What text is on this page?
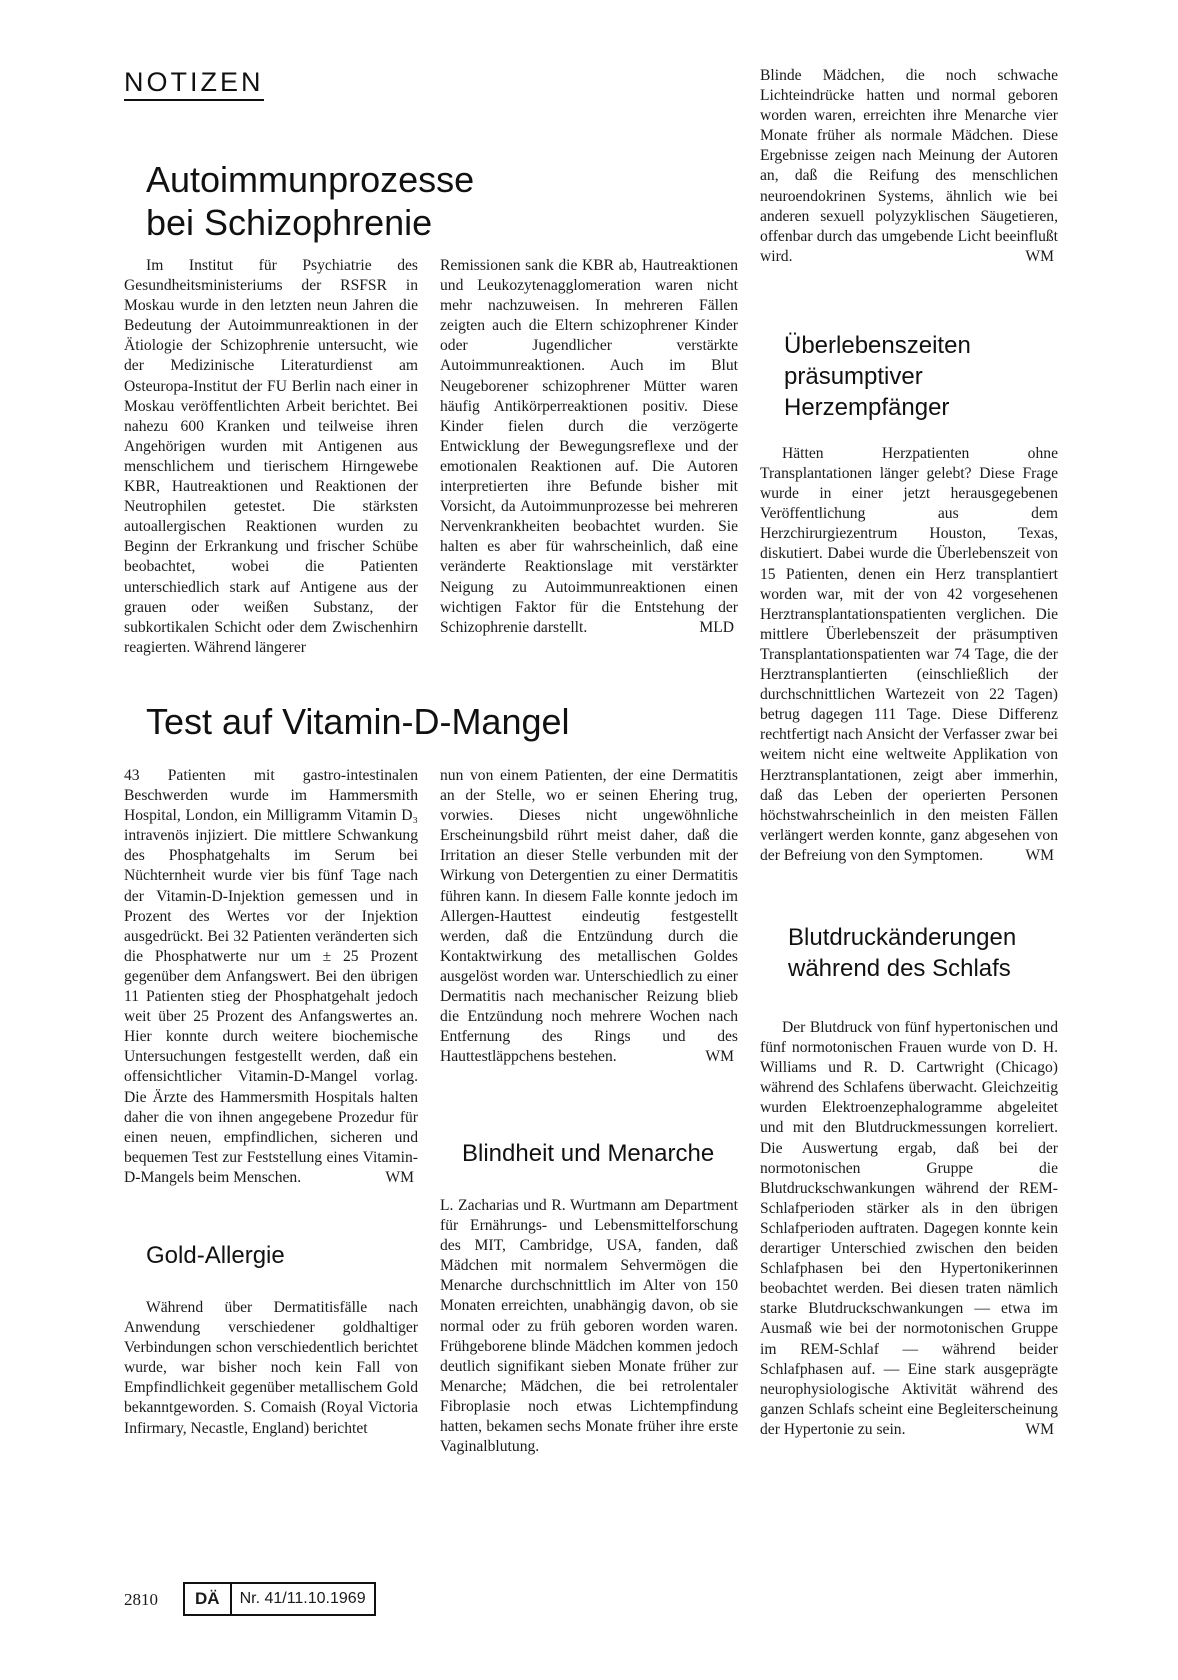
NOTIZEN
Autoimmunprozesse
bei Schizophrenie

Im Institut für Psychiatrie des Gesundheitsministeriums der RSFSR in Moskau wurde in den letzten neun Jahren die Bedeutung der Autoimmunreaktionen in der Ätiologie der Schizophrenie untersucht, wie der Medizinische Literaturdienst am Osteuropa-Institut der FU Berlin nach einer in Moskau veröffentlichten Arbeit berichtet. Bei nahezu 600 Kranken und teilweise ihren Angehörigen wurden mit Antigenen aus menschlichem und tierischem Hirngewebe KBR, Hautreaktionen und Reaktionen der Neutrophilen getestet. Die stärksten autoallergischen Reaktionen wurden zu Beginn der Erkrankung und frischer Schübe beobachtet, wobei die Patienten unterschiedlich stark auf Antigene aus der grauen oder weißen Substanz, der subkortikalen Schicht oder dem Zwischenhirn reagierten. Während längerer

Remissionen sank die KBR ab, Hautreaktionen und Leukozytenagglomeration waren nicht mehr nachzuweisen. In mehreren Fällen zeigten auch die Eltern schizophrener Kinder oder Jugendlicher verstärkte Autoimmunreaktionen. Auch im Blut Neugeborener schizophrener Mütter waren häufig Antikörperreaktionen positiv. Diese Kinder fielen durch die verzögerte Entwicklung der Bewegungsreflexe und der emotionalen Reaktionen auf. Die Autoren interpretierten ihre Befunde bisher mit Vorsicht, da Autoimmunprozesse bei mehreren Nervenkrankheiten beobachtet wurden. Sie halten es aber für wahrscheinlich, daß eine veränderte Reaktionslage mit verstärkter Neigung zu Autoimmunreaktionen einen wichtigen Faktor für die Entstehung der Schizophrenie darstellt.	MLD

Test auf Vitamin-D-Mangel

43 Patienten mit gastro-intestinalen Beschwerden wurde im Hammersmith Hospital, London, ein Milligramm Vitamin D₃ intravenös injiziert. Die mittlere Schwankung des Phosphatgehalts im Serum bei Nüchternheit wurde vier bis fünf Tage nach der Vitamin-D-Injektion gemessen und in Prozent des Wertes vor der Injektion ausgedrückt. Bei 32 Patienten veränderten sich die Phosphatwerte nur um ± 25 Prozent gegenüber dem Anfangswert. Bei den übrigen 11 Patienten stieg der Phosphatgehalt jedoch weit über 25 Prozent des Anfangswertes an. Hier konnte durch weitere biochemische Untersuchungen festgestellt werden, daß ein offensichtlicher Vitamin-D-Mangel vorlag. Die Ärzte des Hammersmith Hospitals halten daher die von ihnen angegebene Prozedur für einen neuen, empfindlichen, sicheren und bequemen Test zur Feststellung eines Vitamin-D-Mangels beim Menschen.	WM

Gold-Allergie

Während über Dermatitisfälle nach Anwendung verschiedener goldhaltiger Verbindungen schon verschiedentlich berichtet wurde, war bisher noch kein Fall von Empfindlichkeit gegenüber metallischem Gold bekanntgeworden. S. Comaish (Royal Victoria Infirmary, Necastle, England) berichtet

nun von einem Patienten, der eine Dermatitis an der Stelle, wo er seinen Ehering trug, vorwies. Dieses nicht ungewöhnliche Erscheinungsbild rührt meist daher, daß die Irritation an dieser Stelle verbunden mit der Wirkung von Detergentien zu einer Dermatitis führen kann. In diesem Falle konnte jedoch im Allergen-Hauttest eindeutig festgestellt werden, daß die Entzündung durch die Kontaktwirkung des metallischen Goldes ausgelöst worden war. Unterschiedlich zu einer Dermatitis nach mechanischer Reizung blieb die Entzündung noch mehrere Wochen nach Entfernung des Rings und des Hauttestläppchens bestehen.	WM

Blindheit und Menarche

L. Zacharias und R. Wurtmann am Department für Ernährungs- und Lebensmittelforschung des MIT, Cambridge, USA, fanden, daß Mädchen mit normalem Sehvermögen die Menarche durchschnittlich im Alter von 150 Monaten erreichten, unabhängig davon, ob sie normal oder zu früh geboren worden waren. Frühgeborene blinde Mädchen kommen jedoch deutlich signifikant sieben Monate früher zur Menarche; Mädchen, die bei retrolentaler Fibroplasie noch etwas Lichtempfindung hatten, bekamen sechs Monate früher ihre erste Vaginalblutung.

Blinde Mädchen, die noch schwache Lichteindrücke hatten und normal geboren worden waren, erreichten ihre Menarche vier Monate früher als normale Mädchen. Diese Ergebnisse zeigen nach Meinung der Autoren an, daß die Reifung des menschlichen neuroendokrinen Systems, ähnlich wie bei anderen sexuell polyzyklischen Säugetieren, offenbar durch das umgebende Licht beeinflußt wird.	WM

Überlebenszeiten
präsumptiver
Herzempfänger

Hätten Herzpatienten ohne Transplantationen länger gelebt? Diese Frage wurde in einer jetzt herausgegebenen Veröffentlichung aus dem Herzchirurgiezentrum Houston, Texas, diskutiert. Dabei wurde die Überlebenszeit von 15 Patienten, denen ein Herz transplantiert worden war, mit der von 42 vorgesehenen Herztransplantationspatienten verglichen. Die mittlere Überlebenszeit der präsumptiven Transplantationspatienten war 74 Tage, die der Herztransplantierten (einschließlich der durchschnittlichen Wartezeit von 22 Tagen) betrug dagegen 111 Tage. Diese Differenz rechtfertigt nach Ansicht der Verfasser zwar bei weitem nicht eine weltweite Applikation von Herztransplantationen, zeigt aber immerhin, daß das Leben der operierten Personen höchstwahrscheinlich in den meisten Fällen verlängert werden konnte, ganz abgesehen von der Befreiung von den Symptomen.	WM

Blutdruckänderungen
während des Schlafs

Der Blutdruck von fünf hypertonischen und fünf normotonischen Frauen wurde von D. H. Williams und R. D. Cartwright (Chicago) während des Schlafens überwacht. Gleichzeitig wurden Elektroenzephalogramme abgeleitet und mit den Blutdruckmessungen korreliert. Die Auswertung ergab, daß bei der normotonischen Gruppe die Blutdruckschwankungen während der REM-Schlafperioden stärker als in den übrigen Schlafperioden auftraten. Dagegen konnte kein derartiger Unterschied zwischen den beiden Schlafphasen bei den Hypertonikerinnen beobachtet werden. Bei diesen traten nämlich starke Blutdruckschwankungen — etwa im Ausmaß wie bei der normotonischen Gruppe im REM-Schlaf — während beider Schlafphasen auf. — Eine stark ausgeprägte neurophysiologische Aktivität während des ganzen Schlafs scheint eine Begleiterscheinung der Hypertonie zu sein.	WM

2810	DÄ	Nr. 41/11.10.1969
